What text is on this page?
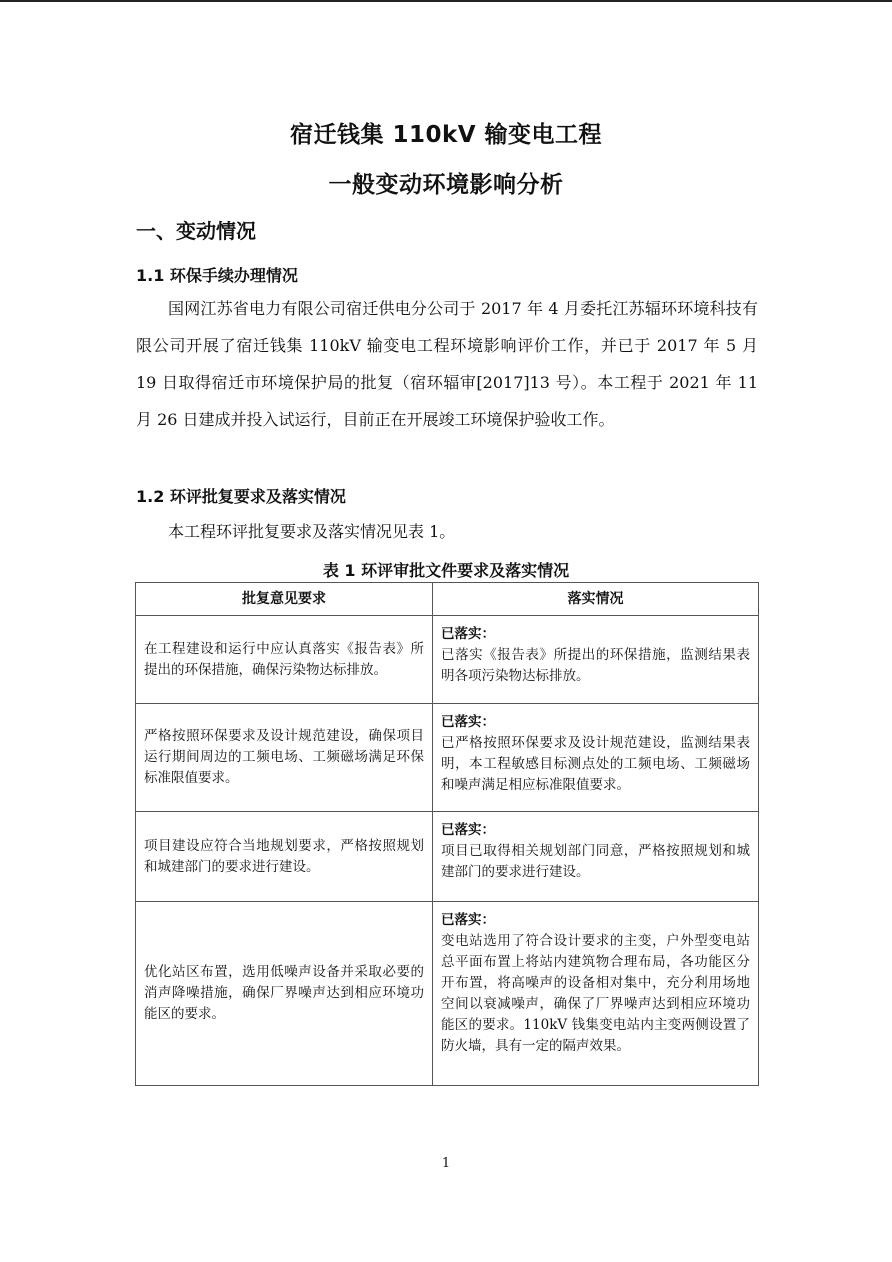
宿迁钱集 110kV 输变电工程
一般变动环境影响分析
一、变动情况
1.1 环保手续办理情况
国网江苏省电力有限公司宿迁供电分公司于 2017 年 4 月委托江苏辐环环境科技有限公司开展了宿迁钱集 110kV 输变电工程环境影响评价工作，并已于 2017 年 5 月 19 日取得宿迁市环境保护局的批复（宿环辐审[2017]13 号）。本工程于 2021 年 11 月 26 日建成并投入试运行，目前正在开展竣工环境保护验收工作。
1.2 环评批复要求及落实情况
本工程环评批复要求及落实情况见表 1。
表 1 环评审批文件要求及落实情况
批复意见要求	落实情况
在工程建设和运行中应认真落实《报告表》所提出的环保措施，确保污染物达标排放。	已落实：
已落实《报告表》所提出的环保措施，监测结果表明各项污染物达标排放。

严格按照环保要求及设计规范建设，确保项目运行期间周边的工频电场、工频磁场满足环保标准限值要求。	已落实：
已严格按照环保要求及设计规范建设，监测结果表明，本工程敏感目标测点处的工频电场、工频磁场和噪声满足相应标准限值要求。

项目建设应符合当地规划要求，严格按照规划和城建部门的要求进行建设。	已落实：
项目已取得相关规划部门同意，严格按照规划和城建部门的要求进行建设。

优化站区布置，选用低噪声设备并采取必要的消声降噪措施，确保厂界噪声达到相应环境功能区的要求。	已落实：
变电站选用了符合设计要求的主变，户外型变电站总平面布置上将站内建筑物合理布局，各功能区分开布置，将高噪声的设备相对集中，充分利用场地空间以衰减噪声，确保了厂界噪声达到相应环境功能区的要求。110kV 钱集变电站内主变两侧设置了防火墙，具有一定的隔声效果。
1
